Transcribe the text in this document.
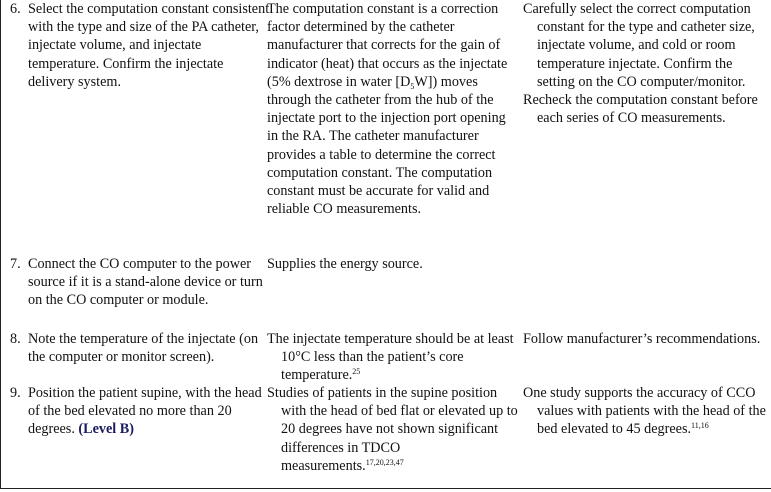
6. Select the computation constant consistent with the type and size of the PA catheter, injectate volume, and injectate temperature. Confirm the injectate delivery system.
The computation constant is a correction factor determined by the catheter manufacturer that corrects for the gain of indicator (heat) that occurs as the injectate (5% dextrose in water $[D_5W]$) moves through the catheter from the hub of the injectate port to the injection port opening in the RA. The catheter manufacturer provides a table to determine the correct computation constant. The computation constant must be accurate for valid and reliable CO measurements.

Carefully select the correct computation constant for the type and catheter size, injectate volume, and cold or room temperature injectate. Confirm the setting on the CO computer/monitor.

Recheck the computation constant before each series of CO measurements.

7. Connect the CO computer to the power source if it is a stand-alone device or turn on the CO computer or module.
Supplies the energy source.
8. Note the temperature of the injectate (on the computer or monitor screen).
The injectate temperature should be at least 10°C less than the patient’s core temperature.$^{25}$
Follow manufacturer’s recommendations.
9. Position the patient supine, with the head of the bed elevated no more than 20 degrees. (Level B)
Studies of patients in the supine position with the head of bed flat or elevated up to 20 degrees have not shown significant differences in TDCO measurements.$^{17,20,23,47}$
One study supports the accuracy of CCO values with patients with the head of the bed elevated to 45 degrees.$^{11,16}$
